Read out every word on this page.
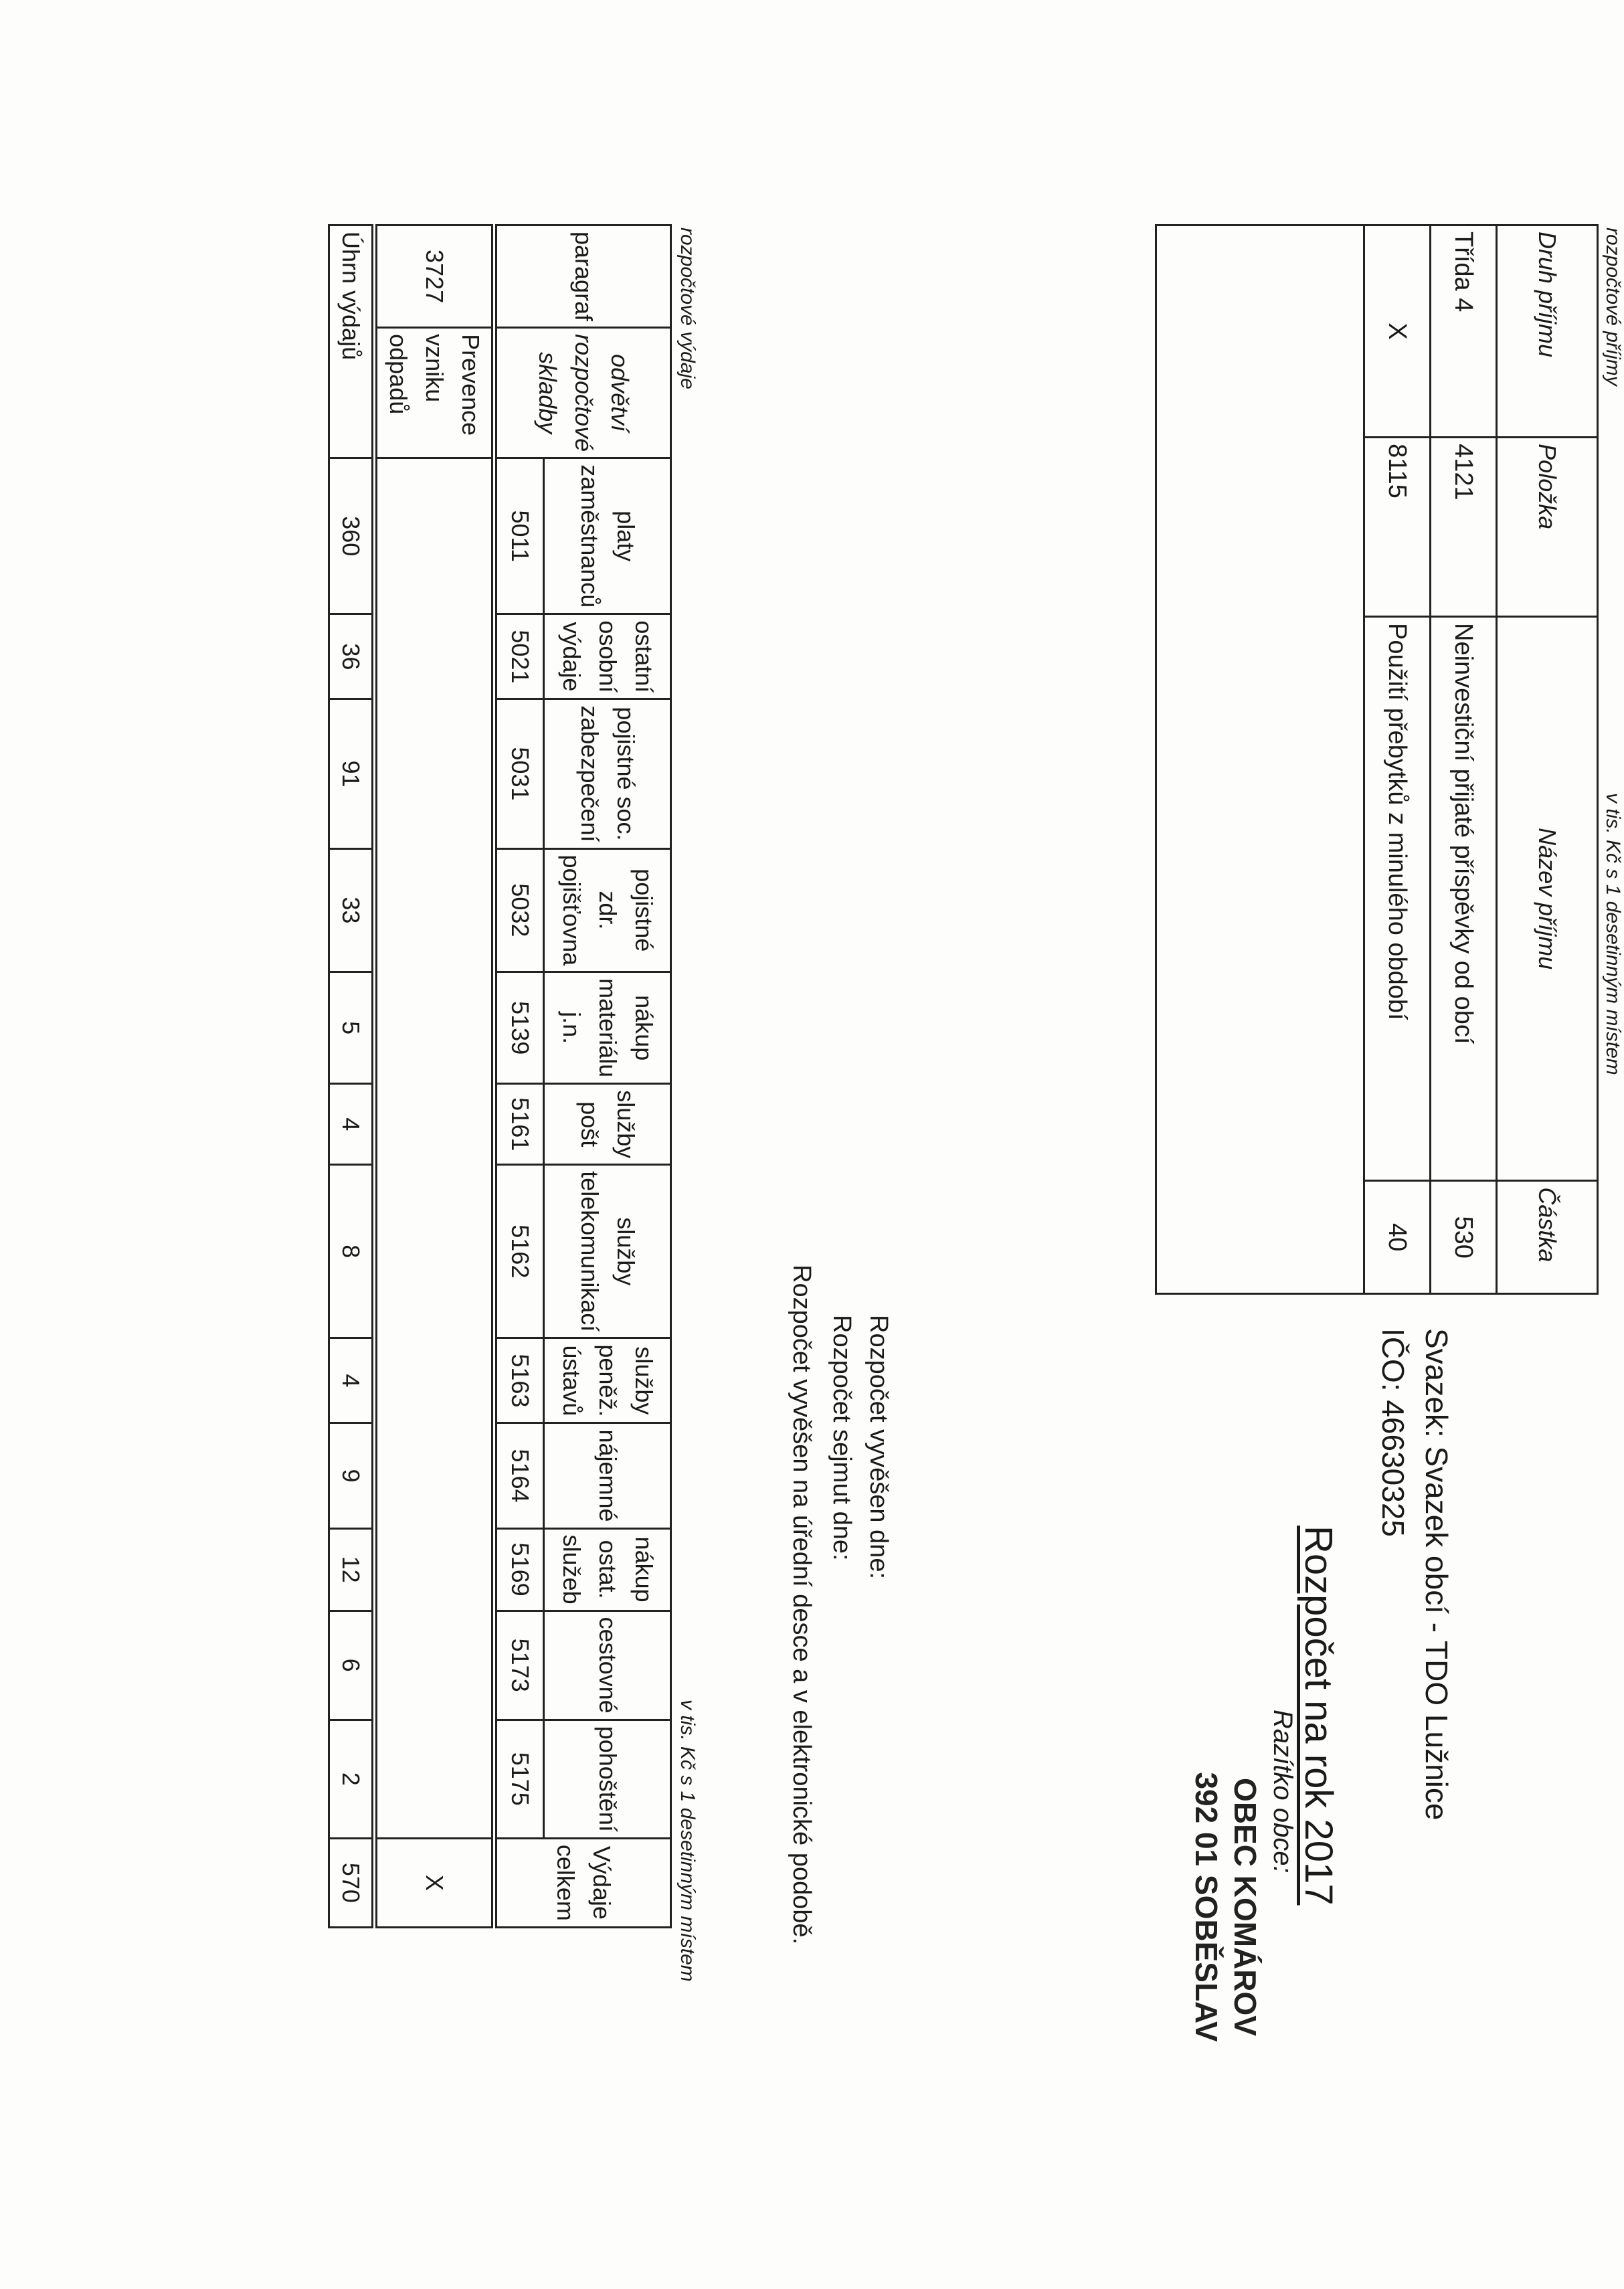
rozpočtové příjmy
v tis. Kč s 1 desetinným místem
Druh příjmu	Položka	Název příjmu	Částka
Třída 4	4121	Neinvestiční přijaté příspěvky od obcí	530
X	8115	Použití přebytků z minulého období	40

Svazek: Svazek obcí - TDO Lužnice
IČO: 46630325
Rozpočet na rok 2017
Razítko obce:
OBEC KOMÁROV
392 01 SOBĚSLAV
Rozpočet vyvěšen dne:
Rozpočet sejmut dne:
Rozpočet vyvěšen na úřední desce a v elektronické podobě.
rozpočtové výdaje
v tis. Kč s 1 desetinným místem
paragraf	odvětví rozpočtové skladby	platy zaměstnanců	ostatní osobní výdaje	pojistné soc. zabezpečení	pojistné zdr. pojišťovna	nákup materiálu j.n.	služby pošt	služby telekomunikací	služby peněž. ústavů	nájemné	nákup ostat. služeb	cestovné	pohoštění	Výdaje celkem
		5011	5021	5031	5032	5139	5161	5162	5163	5164	5169	5173	5175	
3727	Prevence vzniku odpadů													X
Úhrn výdajů		360	36	91	33	5	4	8	4	9	12	6	2	570
